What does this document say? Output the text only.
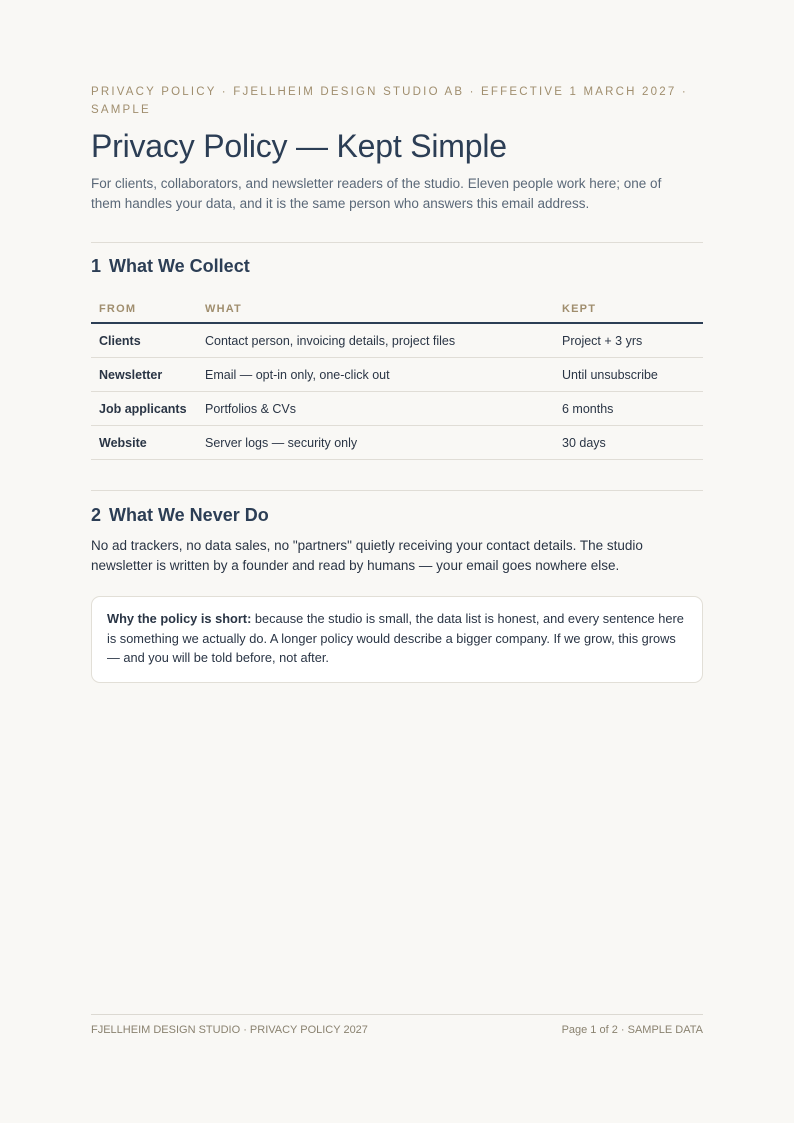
PRIVACY POLICY · FJELLHEIM DESIGN STUDIO AB · EFFECTIVE 1 MARCH 2027 · SAMPLE
Privacy Policy — Kept Simple
For clients, collaborators, and newsletter readers of the studio. Eleven people work here; one of them handles your data, and it is the same person who answers this email address.
1 What We Collect
FROM	WHAT	KEPT
Clients	Contact person, invoicing details, project files	Project + 3 yrs
Newsletter	Email — opt-in only, one-click out	Until unsubscribe
Job applicants	Portfolios & CVs	6 months
Website	Server logs — security only	30 days
2 What We Never Do
No ad trackers, no data sales, no "partners" quietly receiving your contact details. The studio newsletter is written by a founder and read by humans — your email goes nowhere else.
Why the policy is short: because the studio is small, the data list is honest, and every sentence here is something we actually do. A longer policy would describe a bigger company. If we grow, this grows — and you will be told before, not after.
FJELLHEIM DESIGN STUDIO · PRIVACY POLICY 2027	Page 1 of 2 · SAMPLE DATA
